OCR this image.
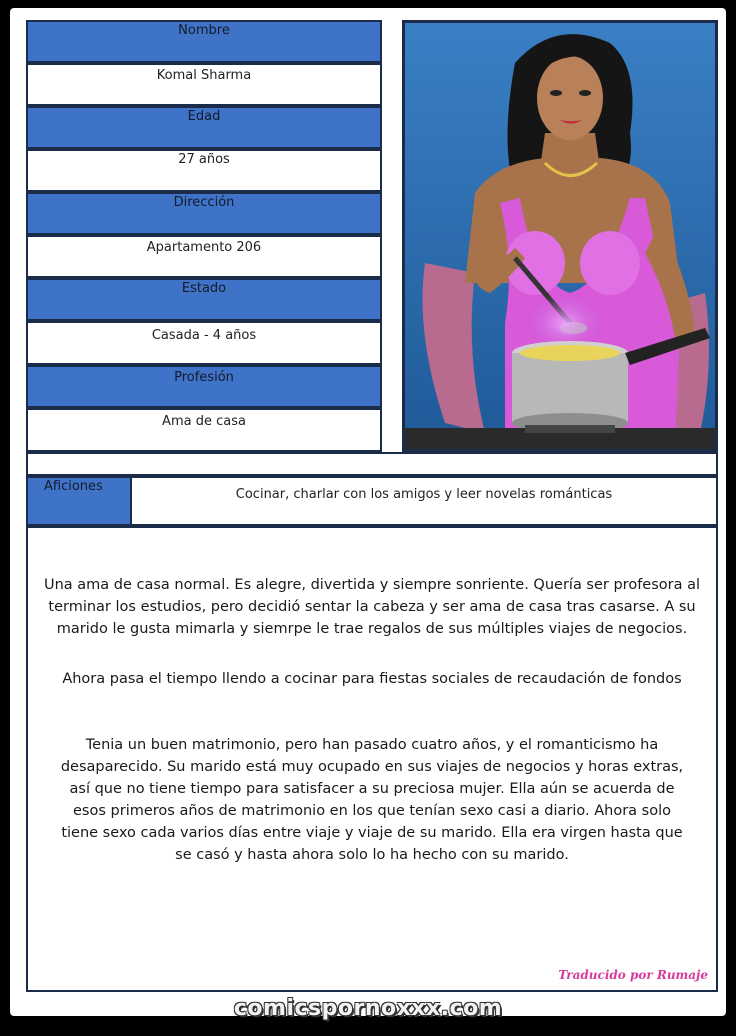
Nombre
Komal Sharma
Edad
27 años
Dirección
Apartamento 206
Estado
Casada - 4 años
Profesión
Ama de casa
Aficiones
Cocinar, charlar con los amigos y leer novelas románticas

Una ama de casa normal. Es alegre, divertida y siempre sonriente. Quería ser profesora al terminar los estudios, pero decidió sentar la cabeza y ser ama de casa tras casarse. A su marido le gusta mimarla y siemrpe le trae regalos de sus múltiples viajes de negocios.

Ahora pasa el tiempo llendo a cocinar para fiestas sociales de recaudación de fondos

Tenia un buen matrimonio, pero han pasado cuatro años, y el romanticismo ha desaparecido. Su marido está muy ocupado en sus viajes de negocios y horas extras, así que no tiene tiempo para satisfacer a su preciosa mujer. Ella aún se acuerda de esos primeros años de matrimonio en los que tenían sexo casi a diario. Ahora solo tiene sexo cada varios días entre viaje y viaje de su marido. Ella era virgen hasta que se casó y hasta ahora solo lo ha hecho con su marido.

Traducido por Rumaje
comicspornoxxx.com
